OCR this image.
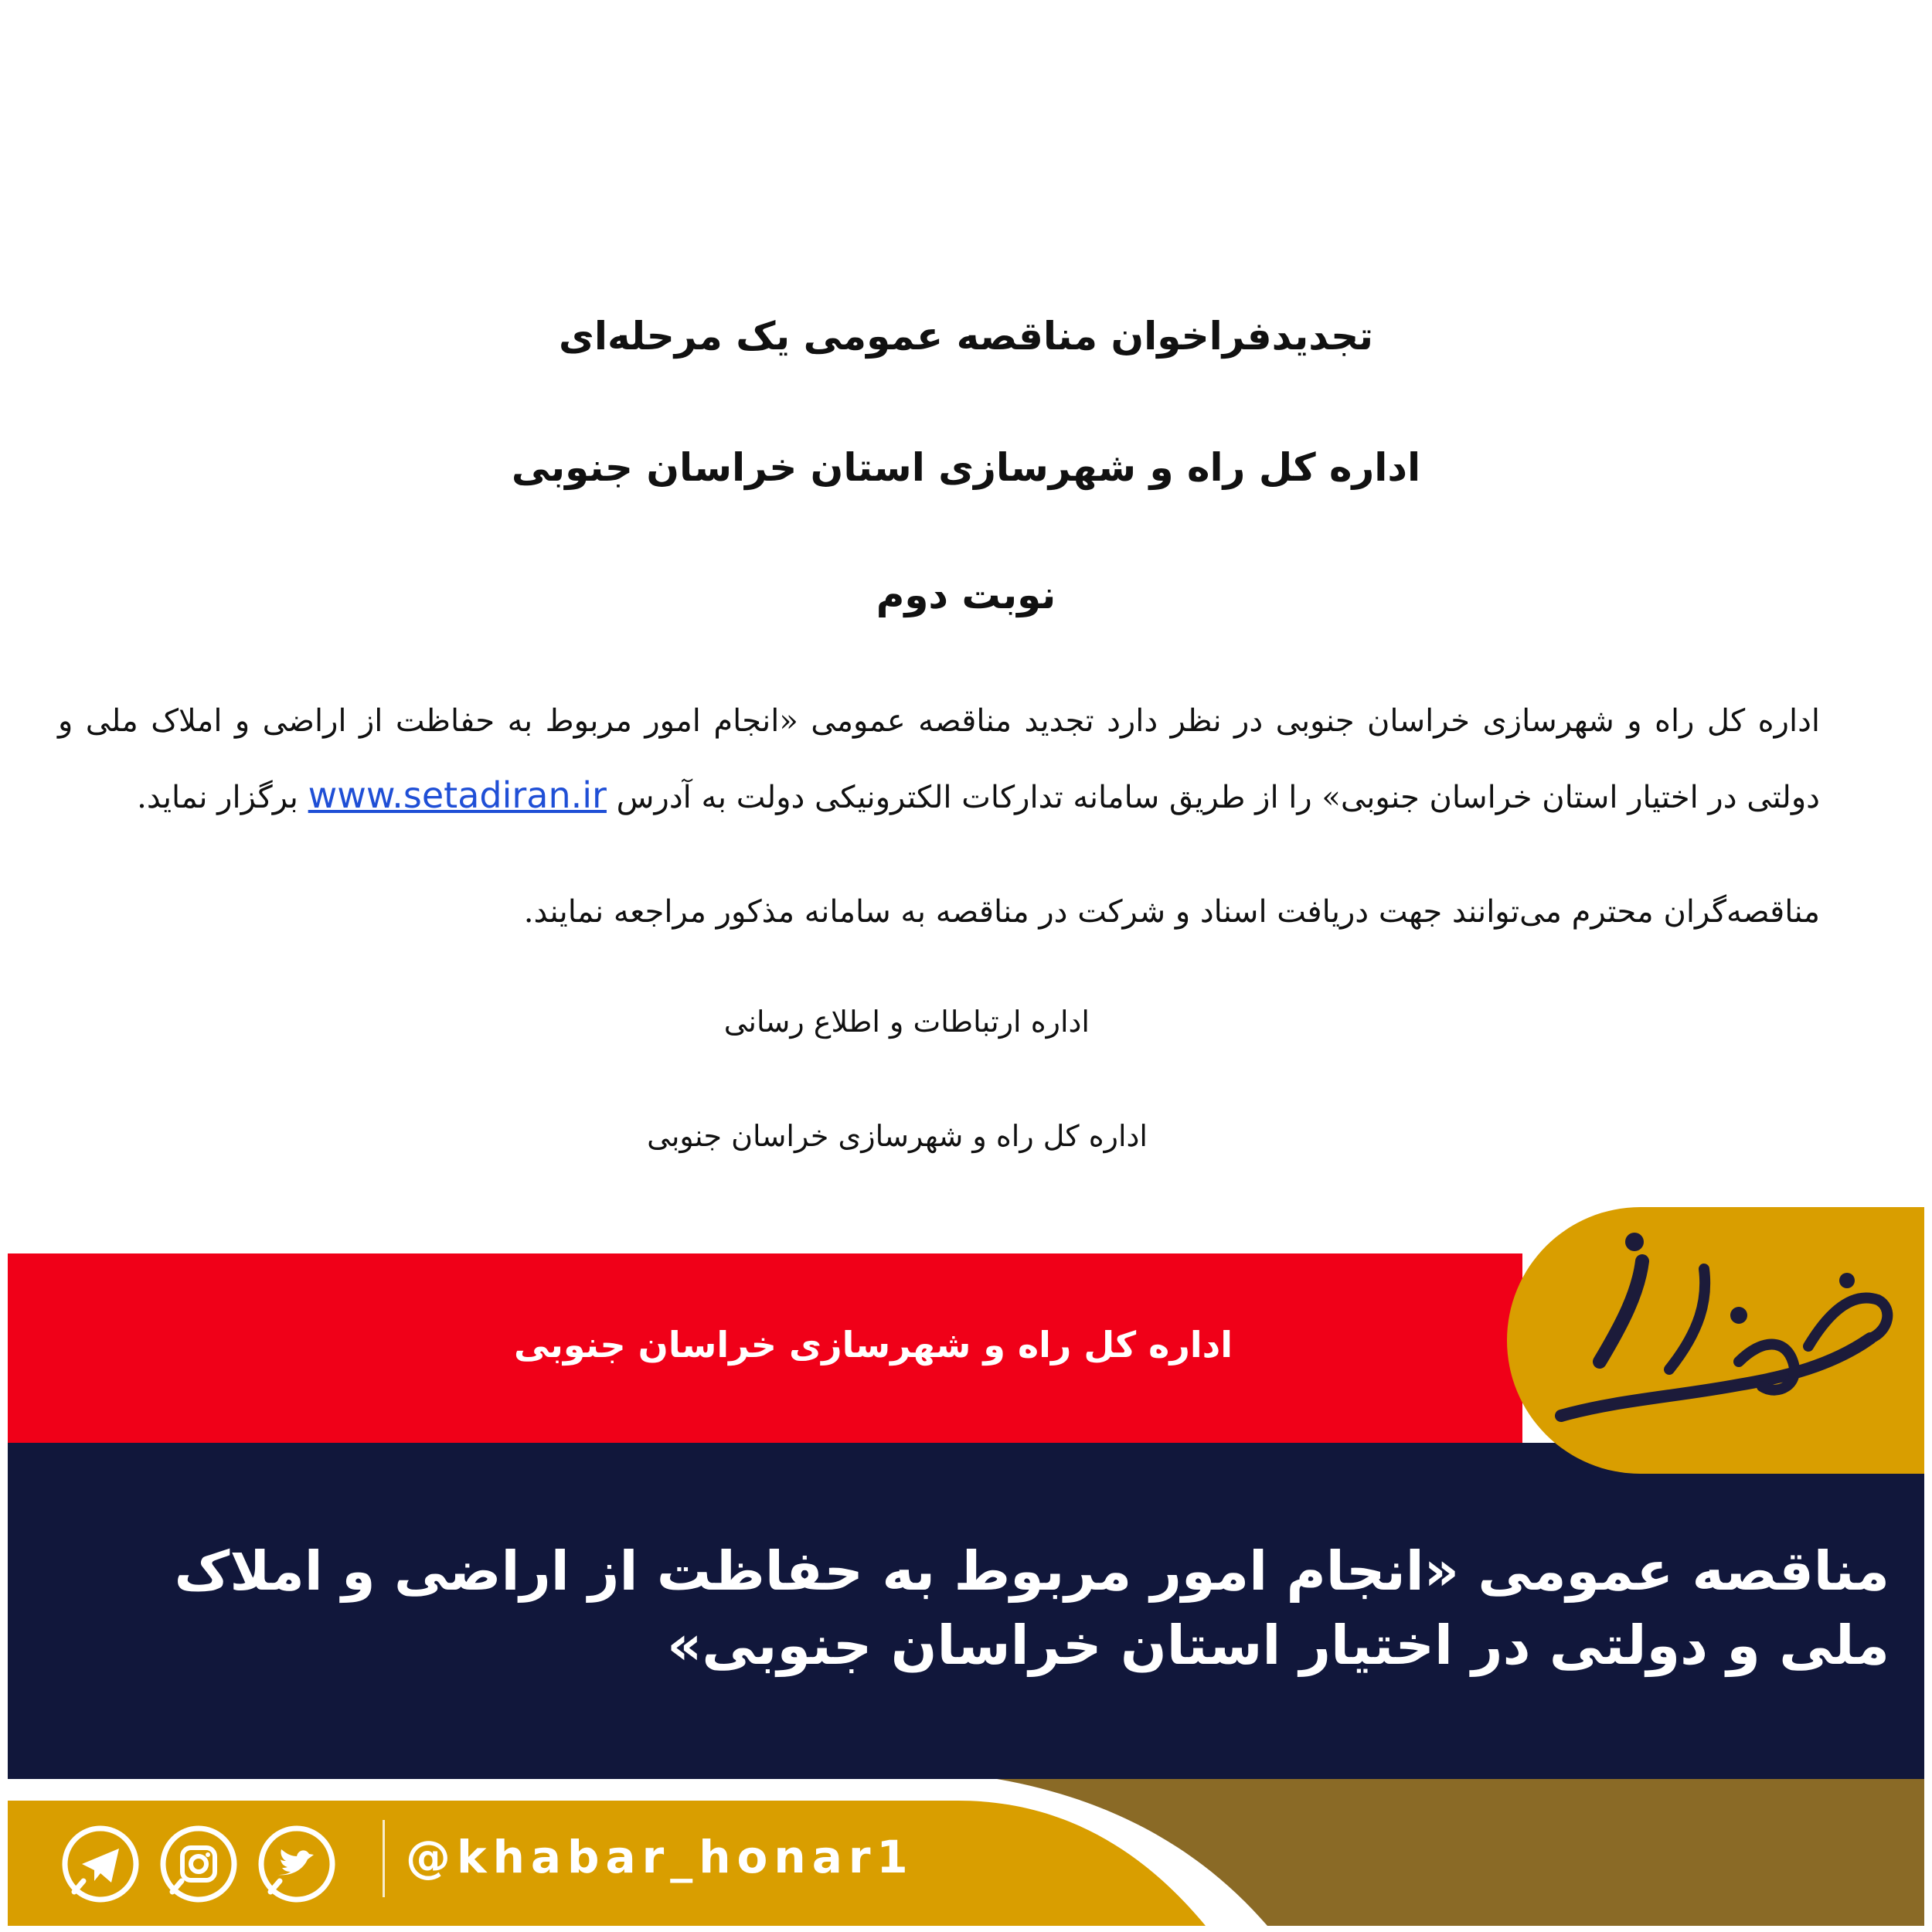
تجدیدفراخوان مناقصه عمومی یک مرحله‌ای

اداره کل راه و شهرسازی استان خراسان جنوبی

نوبت دوم

اداره کل راه و شهرسازی خراسان جنوبی در نظر دارد تجدید مناقصه عمومی «انجام امور مربوط به حفاظت از اراضی و املاک ملی و دولتی در اختیار استان خراسان جنوبی» را از طریق سامانه تدارکات الکترونیکی دولت به آدرس www.setadiran.ir برگزار نماید.

مناقصه‌گران محترم می‌توانند جهت دریافت اسناد و شرکت در مناقصه به سامانه مذکور مراجعه نمایند.

اداره ارتباطات و اطلاع رسانی
اداره کل راه و شهرسازی خراسان جنوبی

اداره کل راه و شهرسازی خراسان جنوبی

مناقصه عمومی «انجام امور مربوط به حفاظت از اراضی و املاک ملی و دولتی در اختیار استان خراسان جنوبی»

@khabar_honar1
